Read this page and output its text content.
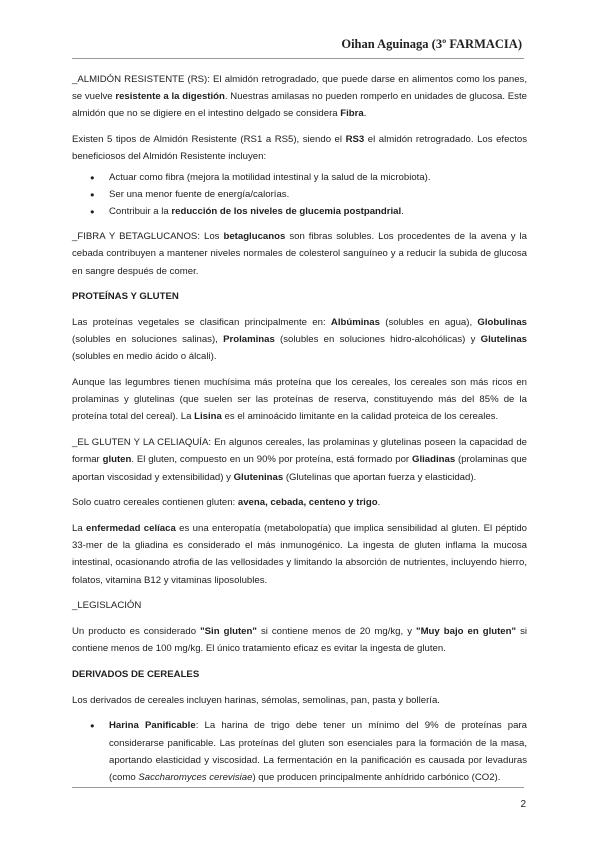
Oihan Aguinaga (3º FARMACIA)

_ALMIDÓN RESISTENTE (RS): El almidón retrogradado, que puede darse en alimentos como los panes, se vuelve resistente a la digestión. Nuestras amilasas no pueden romperlo en unidades de glucosa. Este almidón que no se digiere en el intestino delgado se considera Fibra.

Existen 5 tipos de Almidón Resistente (RS1 a RS5), siendo el RS3 el almidón retrogradado. Los efectos beneficiosos del Almidón Resistente incluyen:

● Actuar como fibra (mejora la motilidad intestinal y la salud de la microbiota).
● Ser una menor fuente de energía/calorías.
● Contribuir a la reducción de los niveles de glucemia postpandrial.

_FIBRA Y BETAGLUCANOS: Los betaglucanos son fibras solubles. Los procedentes de la avena y la cebada contribuyen a mantener niveles normales de colesterol sanguíneo y a reducir la subida de glucosa en sangre después de comer.

PROTEÍNAS Y GLUTEN

Las proteínas vegetales se clasifican principalmente en: Albúminas (solubles en agua), Globulinas (solubles en soluciones salinas), Prolaminas (solubles en soluciones hidro-alcohólicas) y Glutelinas (solubles en medio ácido o álcali).

Aunque las legumbres tienen muchísima más proteína que los cereales, los cereales son más ricos en prolaminas y glutelinas (que suelen ser las proteínas de reserva, constituyendo más del 85% de la proteína total del cereal). La Lisina es el aminoácido limitante en la calidad proteica de los cereales.

_EL GLUTEN Y LA CELIAQUÍA: En algunos cereales, las prolaminas y glutelinas poseen la capacidad de formar gluten. El gluten, compuesto en un 90% por proteína, está formado por Gliadinas (prolaminas que aportan viscosidad y extensibilidad) y Gluteninas (Glutelinas que aportan fuerza y elasticidad).

Solo cuatro cereales contienen gluten: avena, cebada, centeno y trigo.

La enfermedad celíaca es una enteropatía (metabolopatía) que implica sensibilidad al gluten. El péptido 33-mer de la gliadina es considerado el más inmunogénico. La ingesta de gluten inflama la mucosa intestinal, ocasionando atrofia de las vellosidades y limitando la absorción de nutrientes, incluyendo hierro, folatos, vitamina B12 y vitaminas liposolubles.

_LEGISLACIÓN

Un producto es considerado "Sin gluten" si contiene menos de 20 mg/kg, y "Muy bajo en gluten" si contiene menos de 100 mg/kg. El único tratamiento eficaz es evitar la ingesta de gluten.

DERIVADOS DE CEREALES

Los derivados de cereales incluyen harinas, sémolas, semolinas, pan, pasta y bollería.

● Harina Panificable: La harina de trigo debe tener un mínimo del 9% de proteínas para considerarse panificable. Las proteínas del gluten son esenciales para la formación de la masa, aportando elasticidad y viscosidad. La fermentación en la panificación es causada por levaduras (como Saccharomyces cerevisiae) que producen principalmente anhídrido carbónico (CO2).
2
